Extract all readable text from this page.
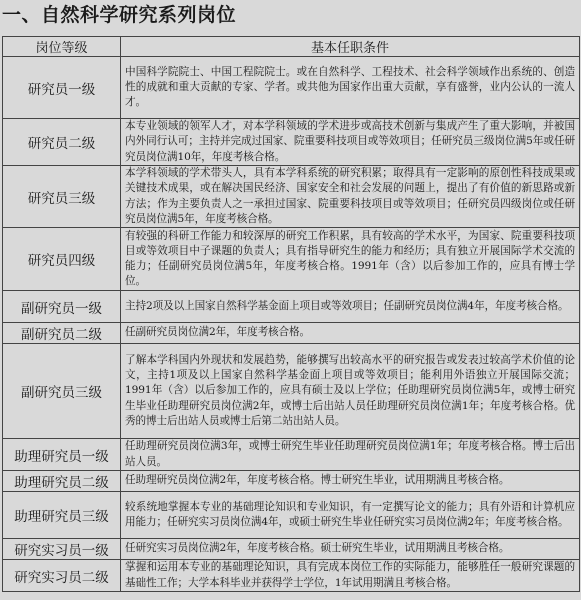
一、自然科学研究系列岗位
岗位等级	基本任职条件
研究员一级	中国科学院院士、中国工程院院士。或在自然科学、工程技术、社会科学领域作出系统的、创造性的成就和重大贡献的专家、学者。或共他为国家作出重大贡献，享有盛誉，业内公认的一流人才。
研究员二级	本专业领域的领军人才，对本学科领域的学术进步或高技术创新与集成产生了重大影响，并被国内外同行认可；主持并完成过国家、院重要科技项目或等效项目；任研究员三级岗位满5年或任研究员岗位满10年，年度考核合格。
研究员三级	本学科领域的学术带头人，具有本学科系统的研究积累；取得具有一定影响的原创性科技成果或关键技术成果，或在解决国民经济、国家安全和社会发展的问题上，提出了有价值的新思路或新方法；作为主要负责人之一承担过国家、院重要科技项目或等效项目；任研究员四级岗位或任研究员岗位满5年，年度考核合格。
研究员四级	有较强的科研工作能力和较深厚的研究工作积累，具有较高的学术水平，为国家、院重要科技项目或等效项目中子课题的负责人；具有指导研究生的能力和经历；具有独立开展国际学术交流的能力；任副研究员岗位满5年，年度考核合格。1991年（含）以后参加工作的，应具有博士学位。
副研究员一级	主持2项及以上国家自然科学基金面上项目或等效项目；任副研究员岗位满4年，年度考核合格。
副研究员二级	任副研究员岗位满2年，年度考核合格。
副研究员三级	了解本学科国内外现状和发展趋势，能够撰写出较高水平的研究报告或发表过较高学术价值的论文，主持1项及以上国家自然科学基金面上项目或等效项目；能利用外语独立开展国际交流；1991年（含）以后参加工作的，应具有硕士及以上学位；任助理研究员岗位满5年，或博士研究生毕业任助理研究员岗位满2年，或博士后出站人员任助理研究员岗位满1年；年度考核合格。优秀的博士后出站人员或博士后第二站出站人员。
助理研究员一级	任助理研究员岗位满3年，或博士研究生毕业任助理研究员岗位满1年；年度考核合格。博士后出站人员。
助理研究员二级	任助理研究员岗位满2年，年度考核合格。博士研究生毕业，试用期满且考核合格。
助理研究员三级	较系统地掌握本专业的基础理论知识和专业知识，有一定撰写论文的能力；具有外语和计算机应用能力；任研究实习员岗位满4年，或硕士研究生毕业任研究实习员岗位满2年；年度考核合格。
研究实习员一级	任研究实习员岗位满2年，年度考核合格。硕士研究生毕业，试用期满且考核合格。
研究实习员二级	掌握和运用本专业的基础理论知识，具有完成本岗位工作的实际能力，能够胜任一般研究课题的基础性工作；大学本科毕业并获得学士学位，1年试用期满且考核合格。
